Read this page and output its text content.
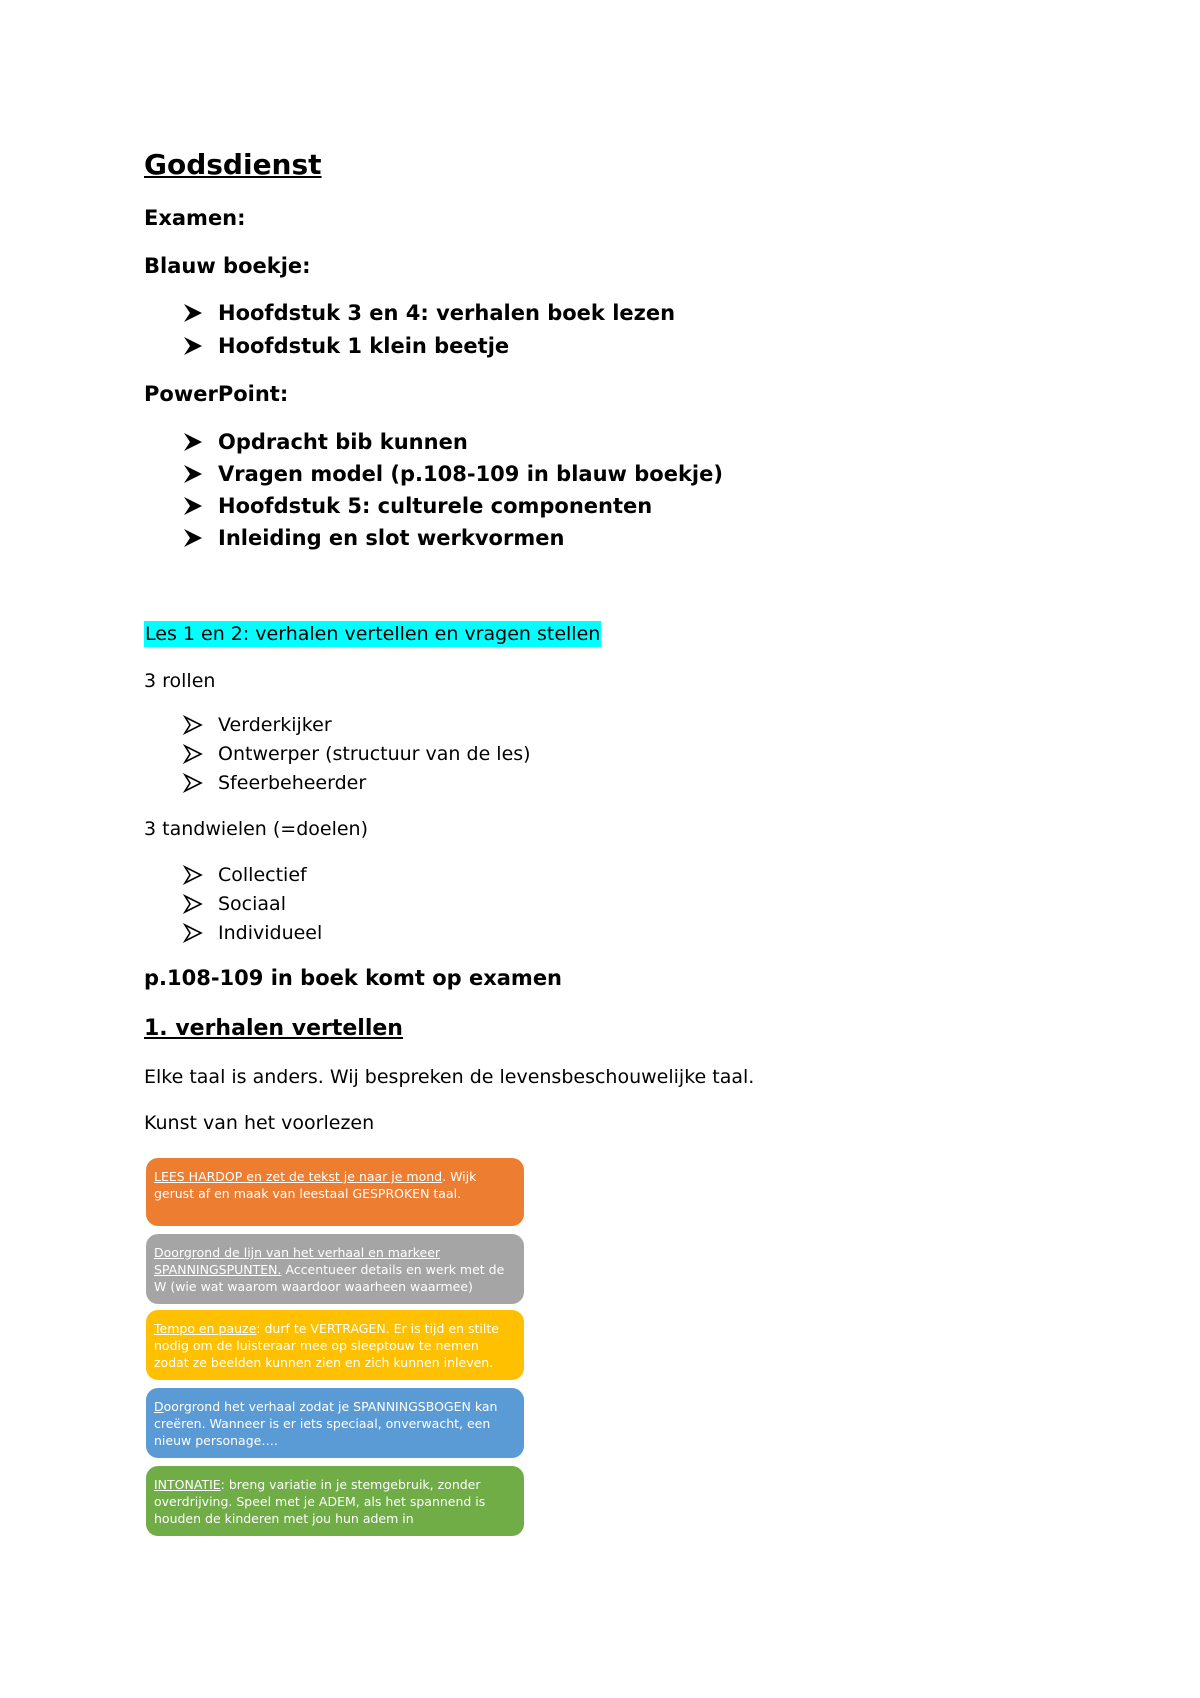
Godsdienst
Examen:
Blauw boekje:
Hoofdstuk 3 en 4: verhalen boek lezen
Hoofdstuk 1 klein beetje
PowerPoint:
Opdracht bib kunnen
Vragen model (p.108-109 in blauw boekje)
Hoofdstuk 5: culturele componenten
Inleiding en slot werkvormen
Les 1 en 2: verhalen vertellen en vragen stellen
3 rollen
Verderkijker
Ontwerper (structuur van de les)
Sfeerbeheerder
3 tandwielen (=doelen)
Collectief
Sociaal
Individueel
p.108-109 in boek komt op examen
1. verhalen vertellen
Elke taal is anders. Wij bespreken de levensbeschouwelijke taal.
Kunst van het voorlezen
LEES HARDOP en zet de tekst je naar je mond. Wijk gerust af en maak van leestaal GESPROKEN taal.
Doorgrond de lijn van het verhaal en markeer SPANNINGSPUNTEN. Accentueer details en werk met de W (wie wat waarom waardoor waarheen waarmee)
Tempo en pauze: durf te VERTRAGEN. Er is tijd en stilte nodig om de luisteraar mee op sleeptouw te nemen zodat ze beelden kunnen zien en zich kunnen inleven.
Doorgrond het verhaal zodat je SPANNINGSBOGEN kan creëren. Wanneer is er iets speciaal, onverwacht, een nieuw personage….
INTONATIE: breng variatie in je stemgebruik, zonder overdrijving. Speel met je ADEM, als het spannend is houden de kinderen met jou hun adem in
